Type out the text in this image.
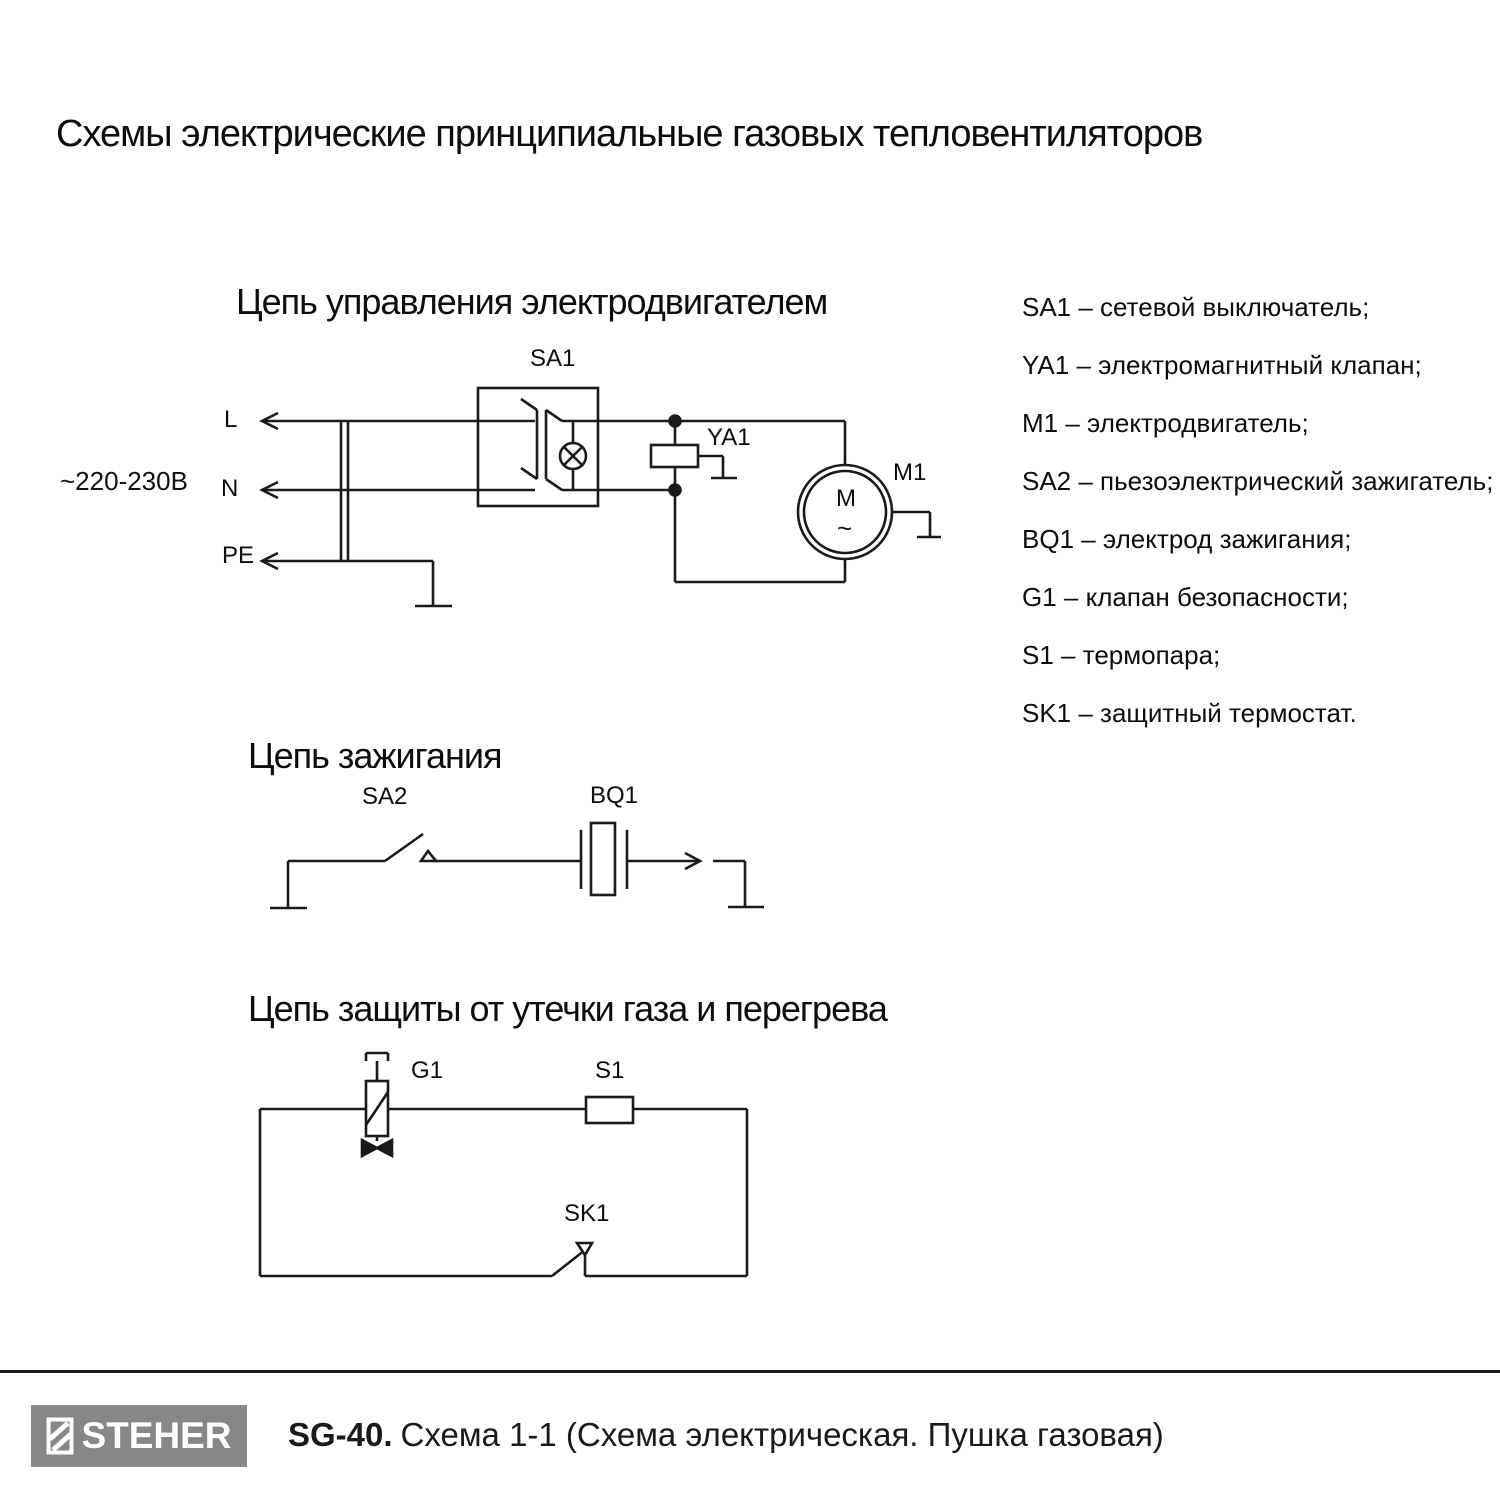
Схемы электрические принципиальные газовых тепловентиляторов
Цепь управления электродвигателем
Цепь зажигания
Цепь защиты от утечки газа и перегрева
~220-230В
L
N
PE
SA1
YA1
M1
M
~
SA2	BQ1
G1	S1
SK1
SA1 – сетевой выключатель;
YA1 – электромагнитный клапан;
M1 – электродвигатель;
SA2 – пьезоэлектрический зажигатель;
BQ1 – электрод зажигания;
G1 – клапан безопасности;
S1 – термопара;
SK1 – защитный термостат.
STEHER SG-40. Схема 1-1 (Схема электрическая. Пушка газовая)
